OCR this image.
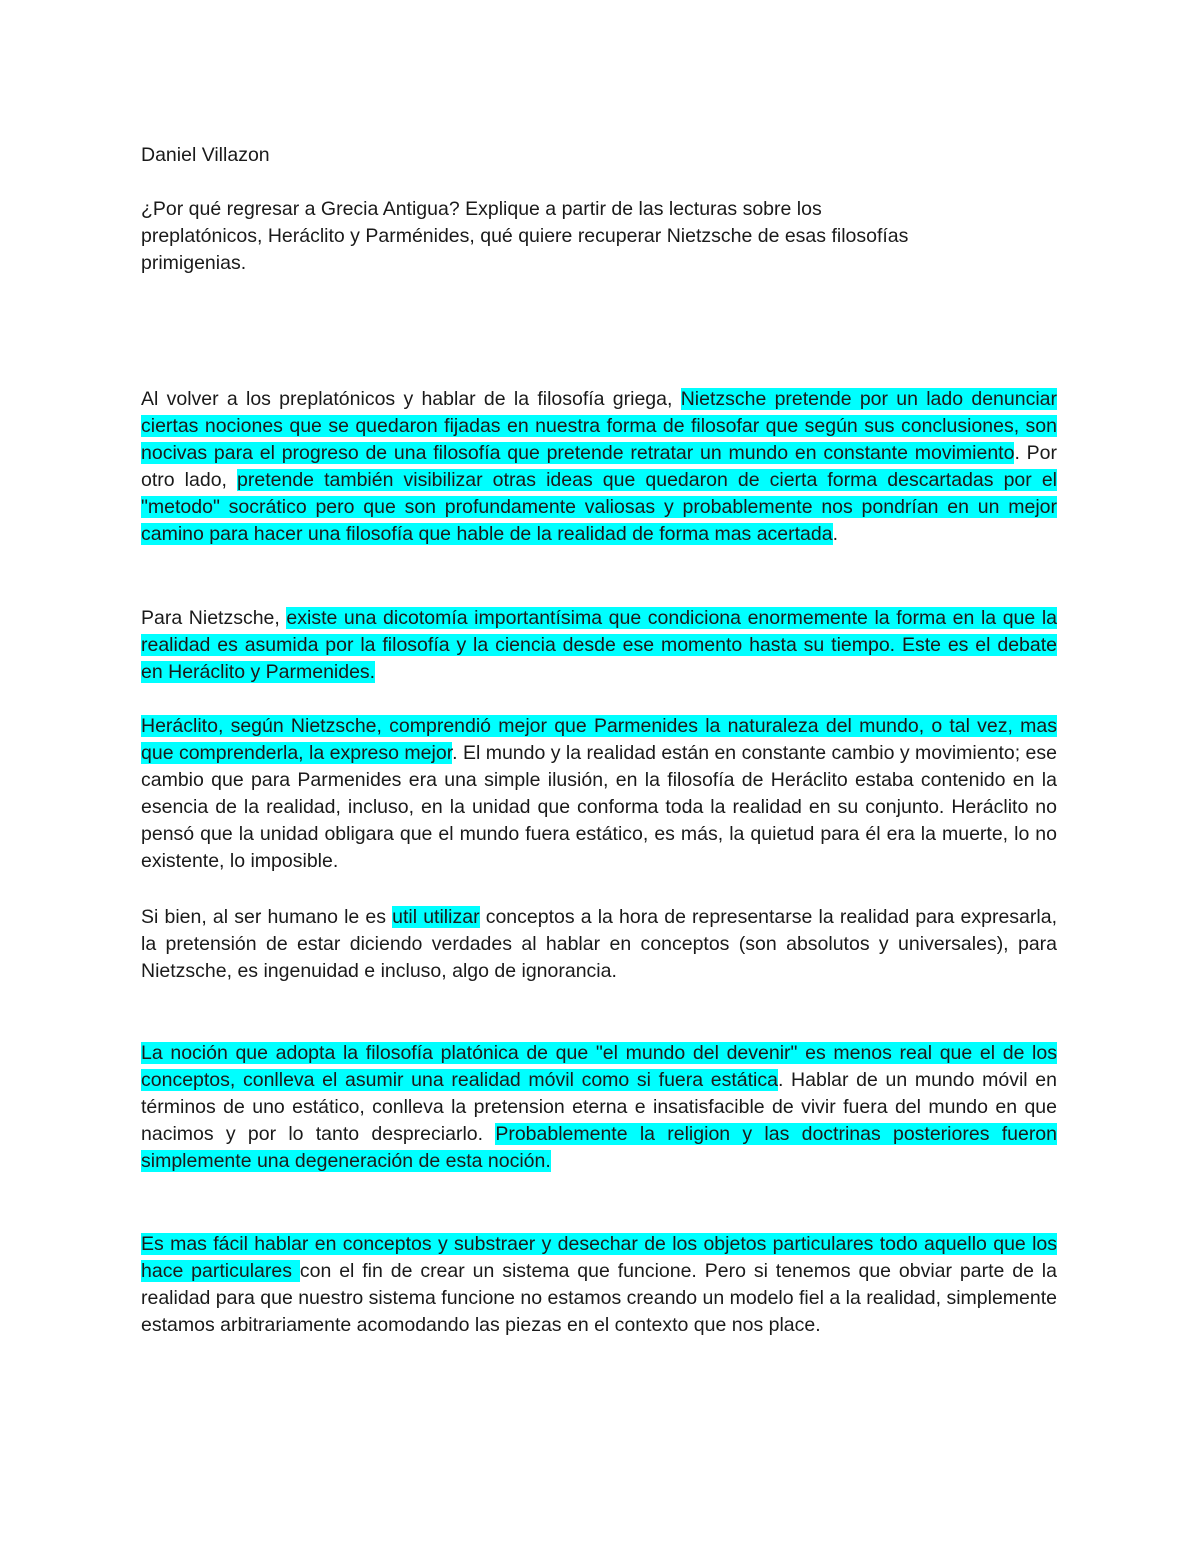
Daniel Villazon

¿Por qué regresar a Grecia Antigua? Explique a partir de las lecturas sobre los preplatónicos, Heráclito y Parménides, qué quiere recuperar Nietzsche de esas filosofías primigenias.

Al volver a los preplatónicos y hablar de la filosofía griega, Nietzsche pretende por un lado denunciar ciertas nociones que se quedaron fijadas en nuestra forma de filosofar que según sus conclusiones, son nocivas para el progreso de una filosofía que pretende retratar un mundo en constante movimiento. Por otro lado, pretende también visibilizar otras ideas que quedaron de cierta forma descartadas por el "metodo" socrático pero que son profundamente valiosas y probablemente nos pondrían en un mejor camino para hacer una filosofía que hable de la realidad de forma mas acertada.

Para Nietzsche, existe una dicotomía importantísima que condiciona enormemente la forma en la que la realidad es asumida por la filosofía y la ciencia desde ese momento hasta su tiempo. Este es el debate en Heráclito y Parmenides.

Heráclito, según Nietzsche, comprendió mejor que Parmenides la naturaleza del mundo, o tal vez, mas que comprenderla, la expreso mejor. El mundo y la realidad están en constante cambio y movimiento; ese cambio que para Parmenides era una simple ilusión, en la filosofía de Heráclito estaba contenido en la esencia de la realidad, incluso, en la unidad que conforma toda la realidad en su conjunto. Heráclito no pensó que la unidad obligara que el mundo fuera estático, es más, la quietud para él era la muerte, lo no existente, lo imposible.

Si bien, al ser humano le es util utilizar conceptos a la hora de representarse la realidad para expresarla, la pretensión de estar diciendo verdades al hablar en conceptos (son absolutos y universales), para Nietzsche, es ingenuidad e incluso, algo de ignorancia.

La noción que adopta la filosofía platónica de que "el mundo del devenir" es menos real que el de los conceptos, conlleva el asumir una realidad móvil como si fuera estática. Hablar de un mundo móvil en términos de uno estático, conlleva la pretension eterna e insatisfacible de vivir fuera del mundo en que nacimos y por lo tanto despreciarlo. Probablemente la religion y las doctrinas posteriores fueron simplemente una degeneración de esta noción.

Es mas fácil hablar en conceptos y substraer y desechar de los objetos particulares todo aquello que los hace particulares con el fin de crear un sistema que funcione. Pero si tenemos que obviar parte de la realidad para que nuestro sistema funcione no estamos creando un modelo fiel a la realidad, simplemente estamos arbitrariamente acomodando las piezas en el contexto que nos place.
